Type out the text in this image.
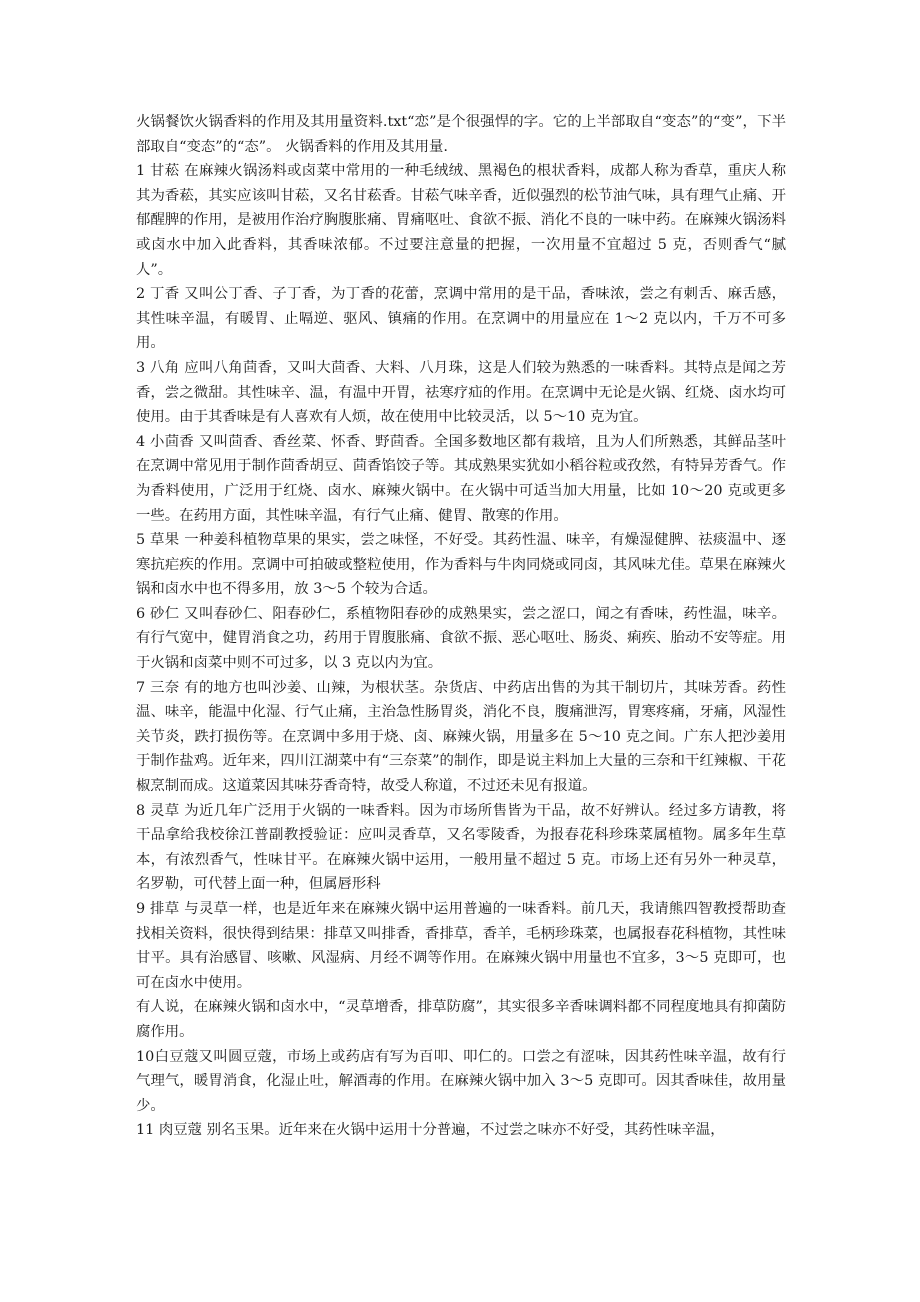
火锅餐饮火锅香料的作用及其用量资料.txt“恋”是个很强悍的字。它的上半部取自“变态”的“变”，下半部取自“变态”的“态”。 火锅香料的作用及其用量.

1 甘菘 在麻辣火锅汤料或卤菜中常用的一种毛绒绒、黑褐色的根状香料，成都人称为香草，重庆人称其为香菘，其实应该叫甘菘，又名甘菘香。甘菘气味辛香，近似强烈的松节油气味，具有理气止痛、开郁醒脾的作用，是被用作治疗胸腹胀痛、胃痛呕吐、食欲不振、消化不良的一味中药。在麻辣火锅汤料或卤水中加入此香料，其香味浓郁。不过要注意量的把握，一次用量不宜超过 5 克，否则香气“腻人”。

2 丁香 又叫公丁香、子丁香，为丁香的花蕾，烹调中常用的是干品，香味浓，尝之有刺舌、麻舌感，其性味辛温，有暖胃、止嗝逆、驱风、镇痛的作用。在烹调中的用量应在 1～2 克以内，千万不可多用。

3 八角 应叫八角茴香，又叫大茴香、大料、八月珠，这是人们较为熟悉的一味香料。其特点是闻之芳香，尝之微甜。其性味辛、温，有温中开胃，祛寒疗疝的作用。在烹调中无论是火锅、红烧、卤水均可使用。由于其香味是有人喜欢有人烦，故在使用中比较灵活，以 5～10 克为宜。

4 小茴香 又叫茴香、香丝菜、怀香、野茴香。全国多数地区都有栽培，且为人们所熟悉，其鲜品茎叶在烹调中常见用于制作茴香胡豆、茴香馅饺子等。其成熟果实犹如小稻谷粒或孜然，有特异芳香气。作为香料使用，广泛用于红烧、卤水、麻辣火锅中。在火锅中可适当加大用量，比如 10～20 克或更多一些。在药用方面，其性味辛温，有行气止痛、健胃、散寒的作用。

5 草果 一种姜科植物草果的果实，尝之味怪，不好受。其药性温、味辛，有燥湿健脾、祛痰温中、逐寒抗疟疾的作用。烹调中可拍破或整粒使用，作为香料与牛肉同烧或同卤，其风味尤佳。草果在麻辣火锅和卤水中也不得多用，放 3～5 个较为合适。

6 砂仁 又叫春砂仁、阳春砂仁，系植物阳春砂的成熟果实，尝之涩口，闻之有香味，药性温，味辛。有行气宽中，健胃消食之功，药用于胃腹胀痛、食欲不振、恶心呕吐、肠炎、痢疾、胎动不安等症。用于火锅和卤菜中则不可过多，以 3 克以内为宜。

7 三奈 有的地方也叫沙姜、山辣，为根状茎。杂货店、中药店出售的为其干制切片，其味芳香。药性温、味辛，能温中化湿、行气止痛，主治急性肠胃炎，消化不良，腹痛泄泻，胃寒疼痛，牙痛，风湿性关节炎，跌打损伤等。在烹调中多用于烧、卤、麻辣火锅，用量多在 5～10 克之间。广东人把沙姜用于制作盐鸡。近年来，四川江湖菜中有“三奈菜”的制作，即是说主料加上大量的三奈和干红辣椒、干花椒烹制而成。这道菜因其味芬香奇特，故受人称道，不过还未见有报道。

8 灵草 为近几年广泛用于火锅的一味香料。因为市场所售皆为干品，故不好辨认。经过多方请教，将干品拿给我校徐江普副教授验证：应叫灵香草，又名零陵香，为报春花科珍珠菜属植物。属多年生草本，有浓烈香气，性味甘平。在麻辣火锅中运用，一般用量不超过 5 克。市场上还有另外一种灵草，名罗勒，可代替上面一种，但属唇形科

9 排草 与灵草一样，也是近年来在麻辣火锅中运用普遍的一味香料。前几天，我请熊四智教授帮助查找相关资料，很快得到结果：排草又叫排香，香排草，香羊，毛柄珍珠菜，也属报春花科植物，其性味甘平。具有治感冒、咳嗽、风湿病、月经不调等作用。在麻辣火锅中用量也不宜多，3～5 克即可，也可在卤水中使用。

有人说，在麻辣火锅和卤水中，“灵草增香，排草防腐”，其实很多辛香味调料都不同程度地具有抑菌防腐作用。

10白豆蔻又叫圆豆蔻，市场上或药店有写为百叩、叩仁的。口尝之有涩味，因其药性味辛温，故有行气理气，暖胃消食，化湿止吐，解酒毒的作用。在麻辣火锅中加入 3～5 克即可。因其香味佳，故用量少。

11 肉豆蔻 别名玉果。近年来在火锅中运用十分普遍，不过尝之味亦不好受，其药性味辛温，
